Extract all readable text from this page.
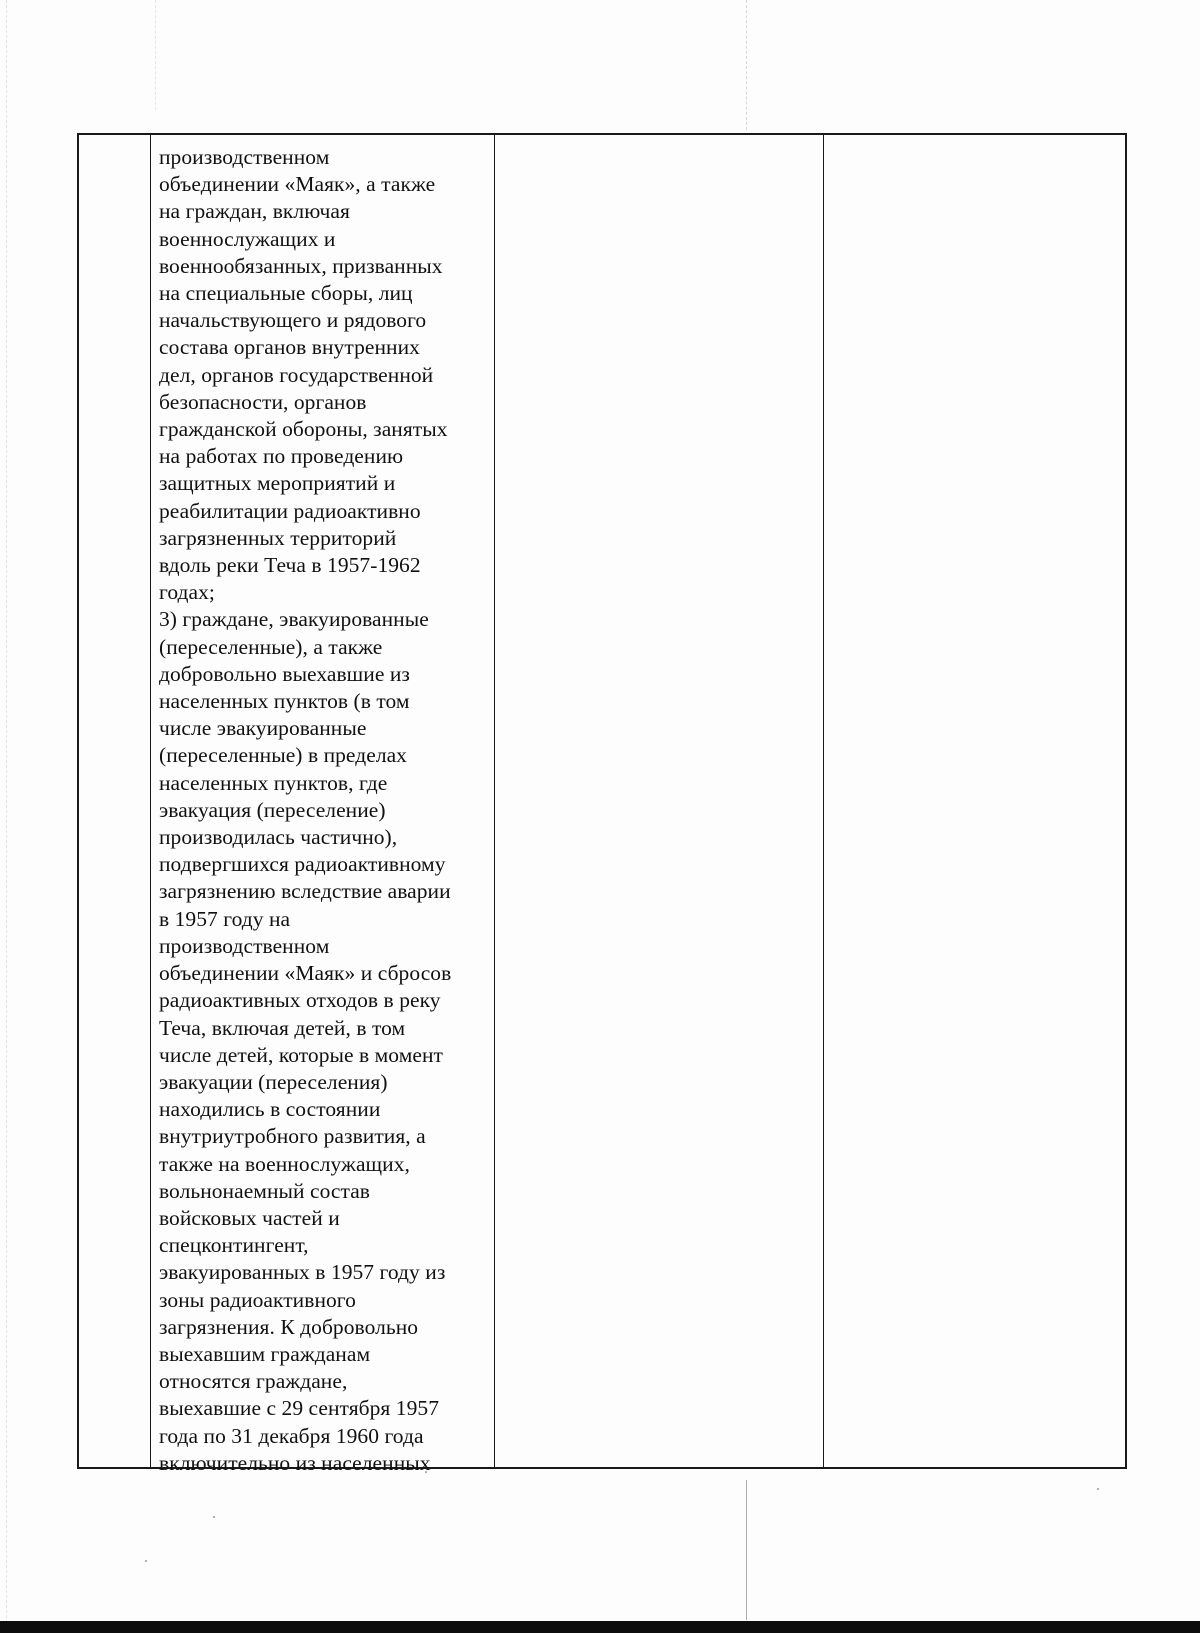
производственном
объединении «Маяк», а также
на граждан, включая
военнослужащих и
военнообязанных, призванных
на специальные сборы, лиц
начальствующего и рядового
состава органов внутренних
дел, органов государственной
безопасности, органов
гражданской обороны, занятых
на работах по проведению
защитных мероприятий и
реабилитации радиоактивно
загрязненных территорий
вдоль реки Теча в 1957-1962
годах;
3) граждане, эвакуированные
(переселенные), а также
добровольно выехавшие из
населенных пунктов (в том
числе эвакуированные
(переселенные) в пределах
населенных пунктов, где
эвакуация (переселение)
производилась частично),
подвергшихся радиоактивному
загрязнению вследствие аварии
в 1957 году на
производственном
объединении «Маяк» и сбросов
радиоактивных отходов в реку
Теча, включая детей, в том
числе детей, которые в момент
эвакуации (переселения)
находились в состоянии
внутриутробного развития, а
также на военнослужащих,
вольнонаемный состав
войсковых частей и
спецконтингент,
эвакуированных в 1957 году из
зоны радиоактивного
загрязнения. К добровольно
выехавшим гражданам
относятся граждане,
выехавшие с 29 сентября 1957
года по 31 декабря 1960 года
включительно из населенных
